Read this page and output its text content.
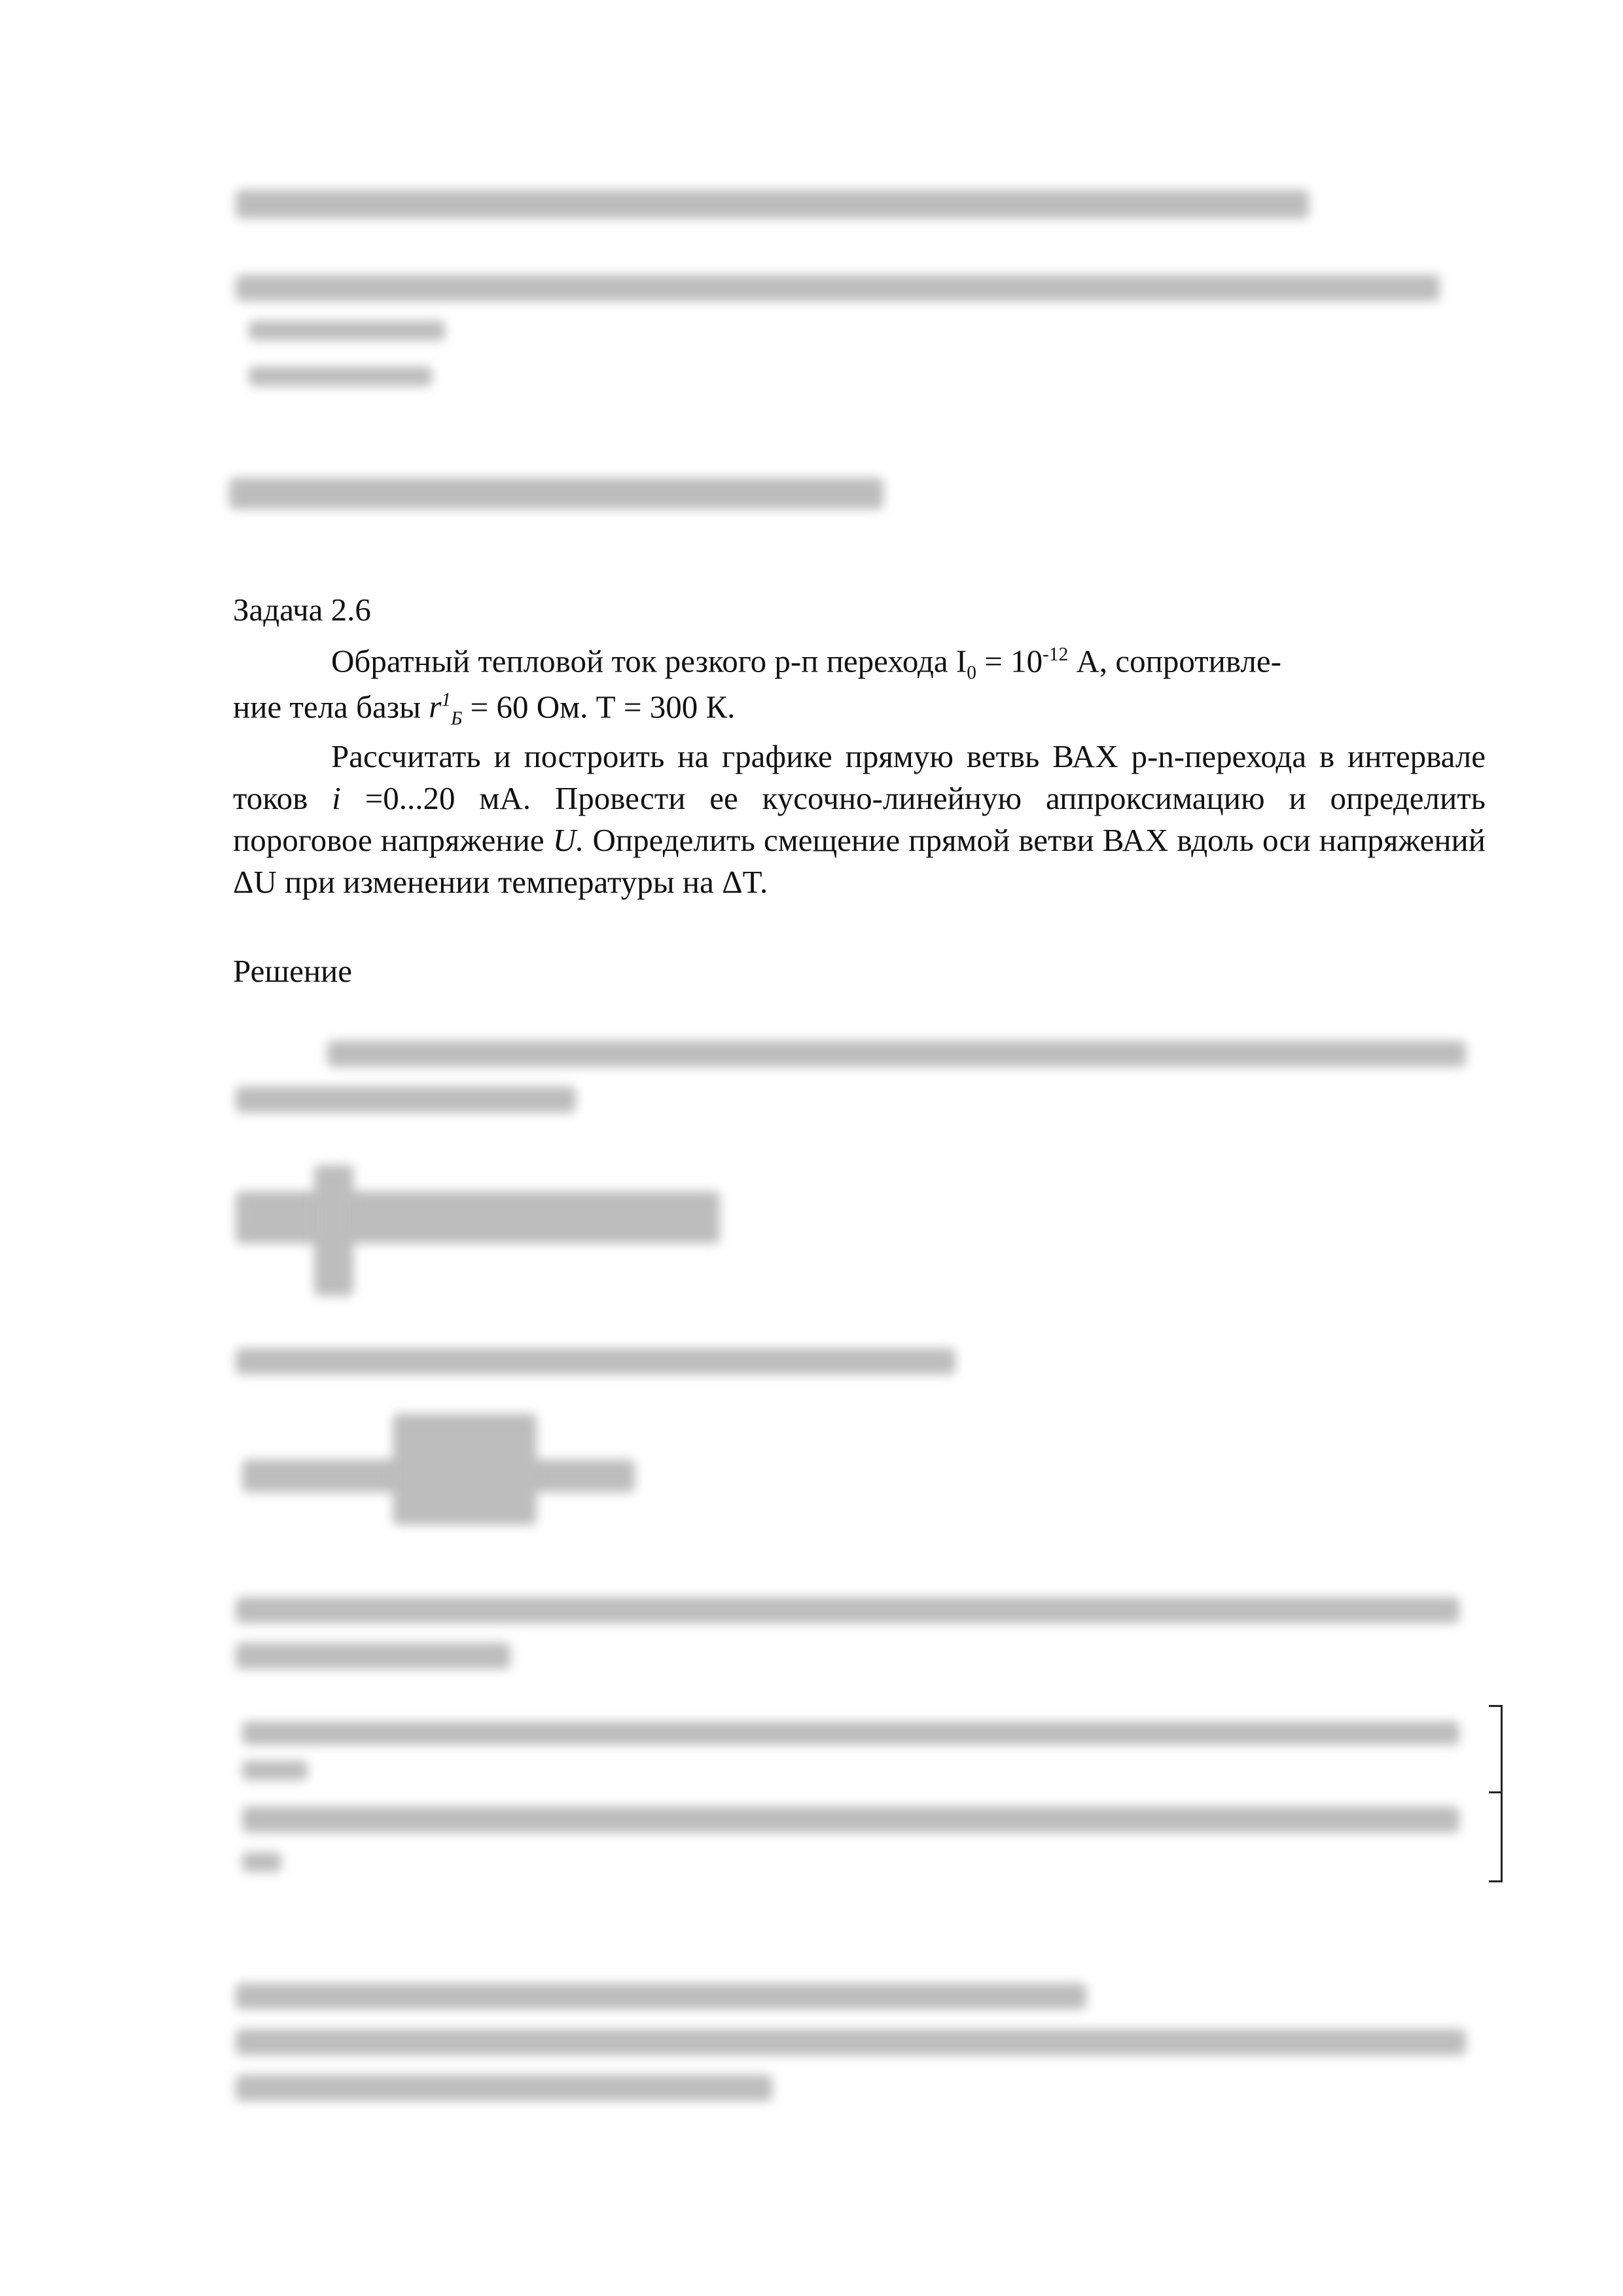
Задача 2.6
Обратный тепловой ток резкого p-п перехода $I_0 = 10^{-12}$ А, сопротивле-
ние тела базы $r^1_Б = 60$ Ом. Т = 300 К.
Рассчитать и построить на графике прямую ветвь ВАХ p-n-перехода в интервале токов i =0...20 мА. Провести ее кусочно-линейную аппроксимацию и определить пороговое напряжение U. Определить смещение прямой ветви ВАХ вдоль оси напряжений ΔU при изменении температуры на ΔT.
Решение
